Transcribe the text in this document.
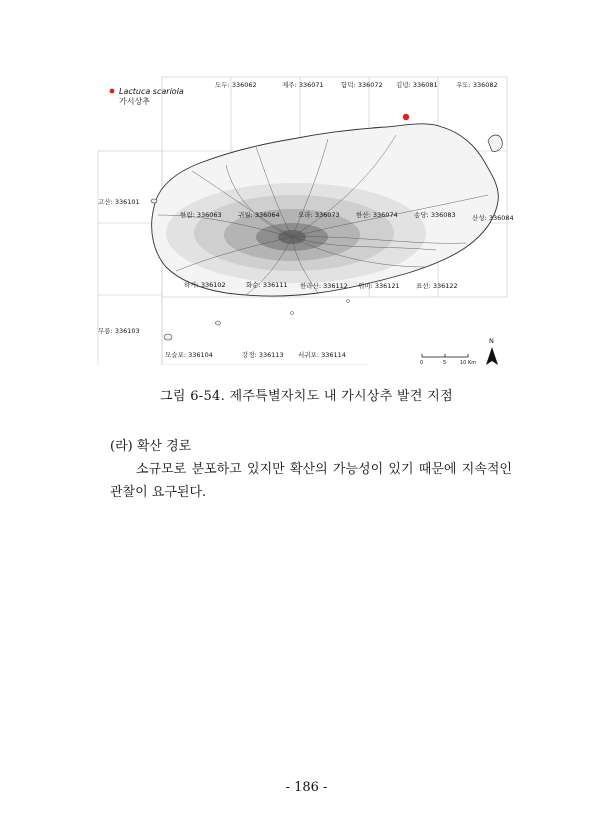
Lactuca scariola
가시상추
도두: 336062	제주: 336071	함덕: 336072 김녕: 336081	우도: 336082
고산: 336101
한림: 336063	귀월: 336064	오라: 336073	한산: 336074	송당: 336083	산성: 336084
하가: 336102	화순: 336111 한라산: 336112 위미: 336121	표선: 336122
무릉: 336103
모슬포: 336104	강정: 336113 서귀포: 336114
N
0	5	10 Km
그림 6-54. 제주특별자치도 내 가시상추 발견 지점
(라) 확산 경로
소규모로 분포하고 있지만 확산의 가능성이 있기 때문에 지속적인 관찰이 요구된다.
- 186 -
